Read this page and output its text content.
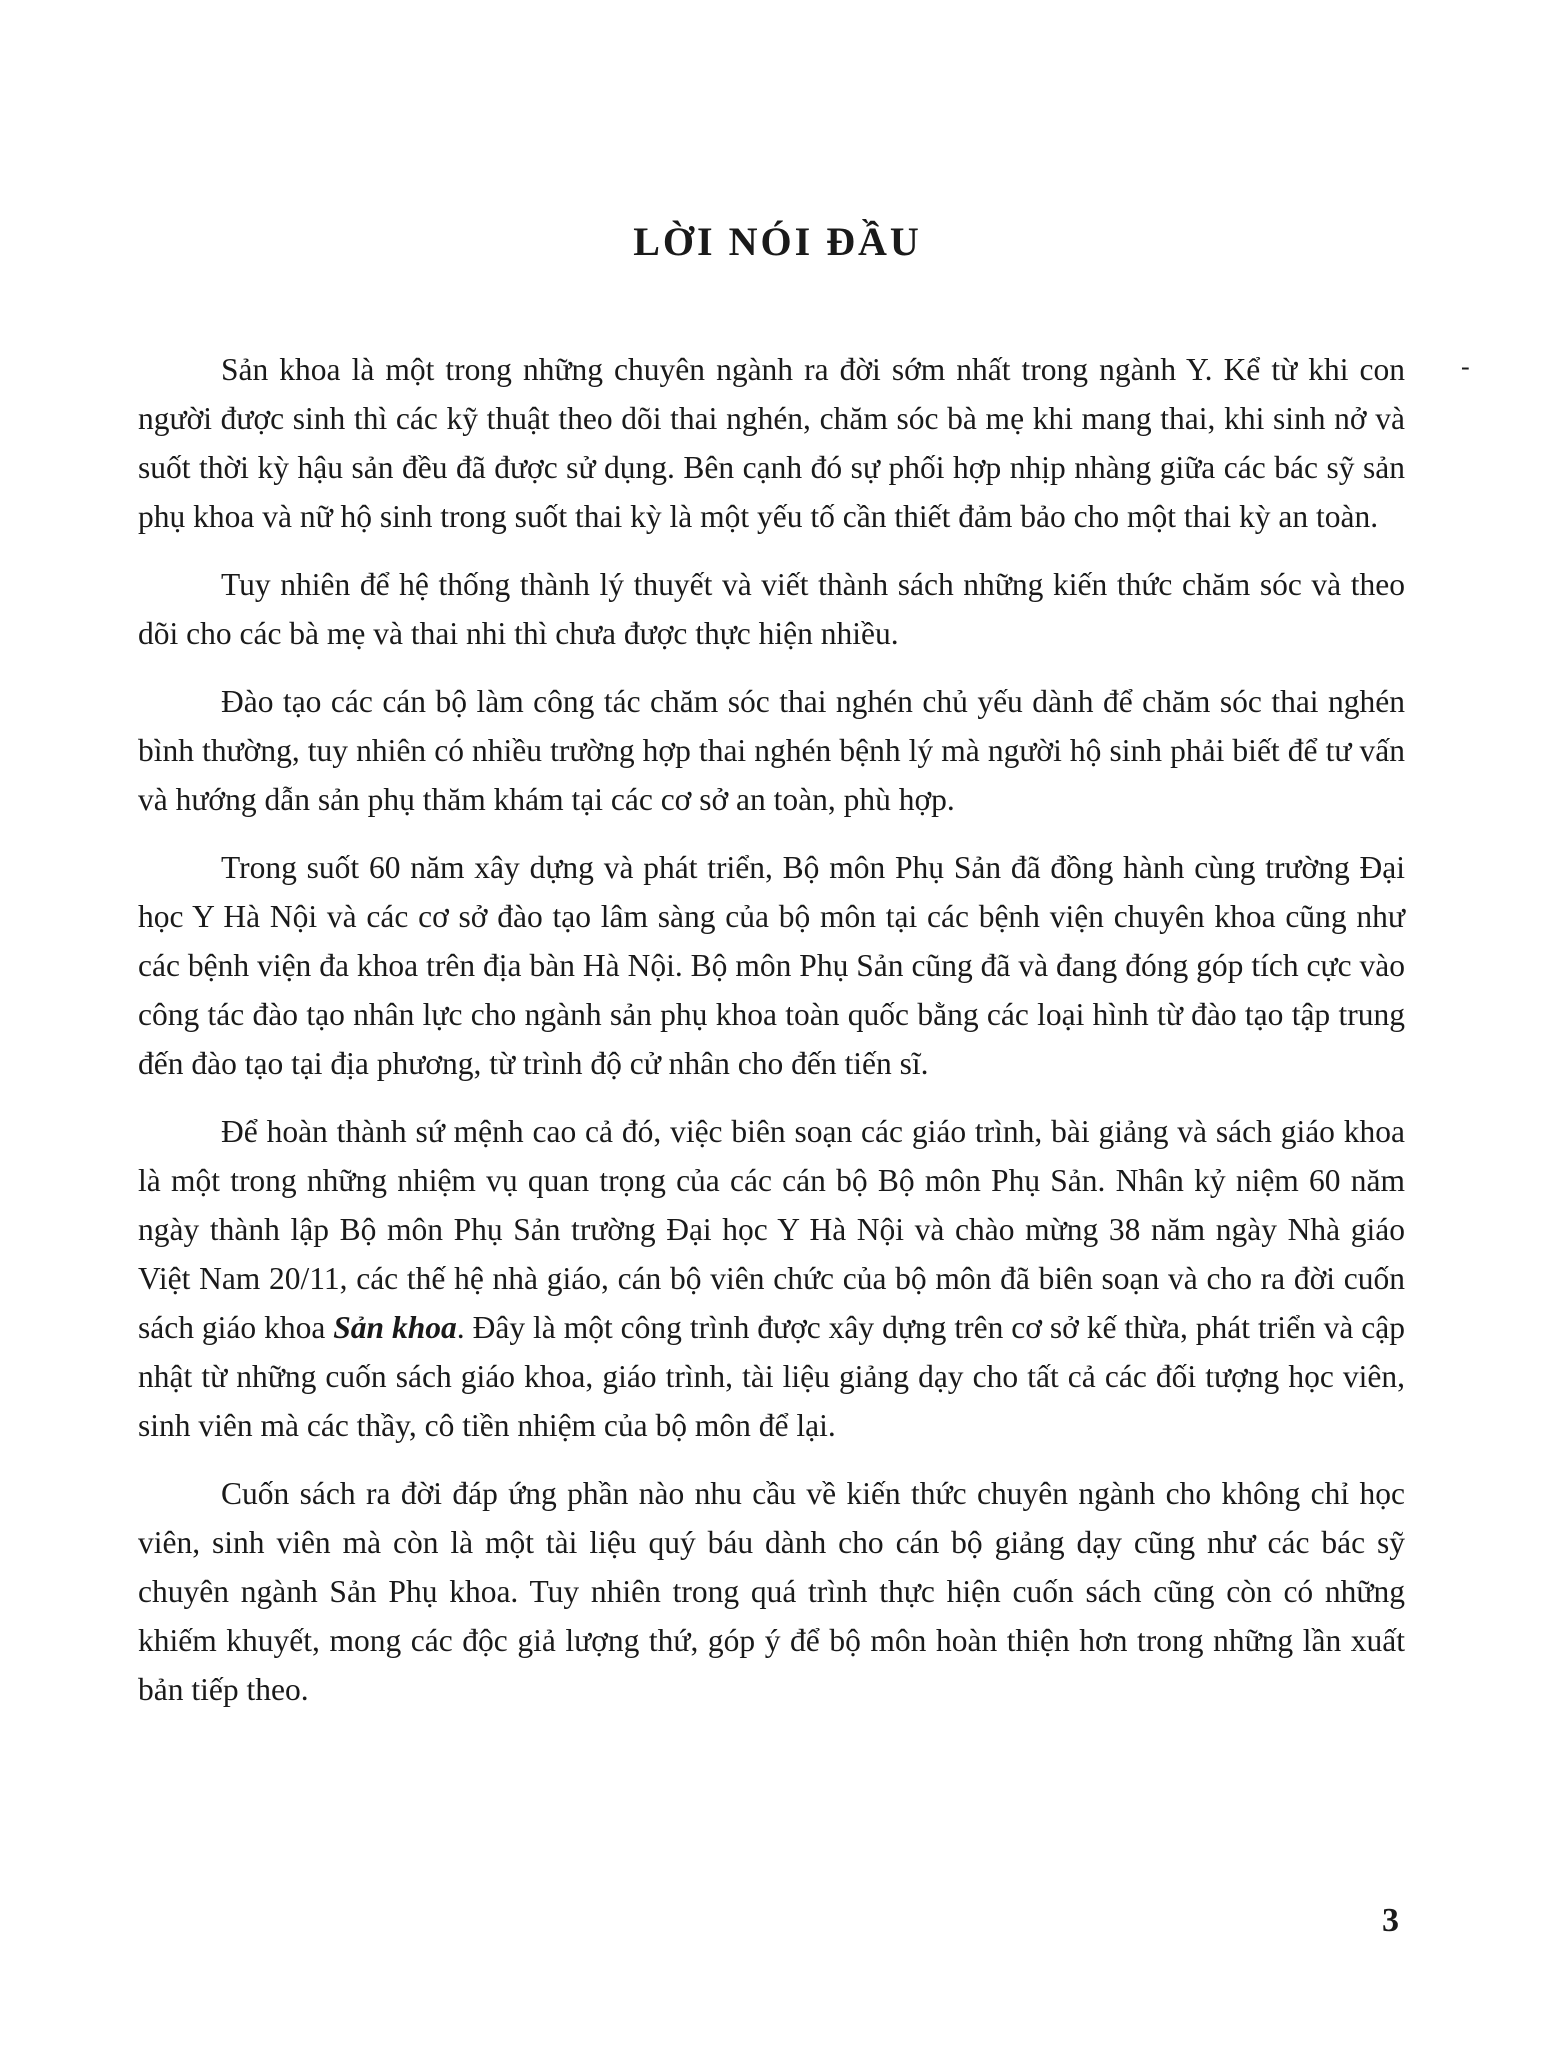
LỜI NÓI ĐẦU
-

Sản khoa là một trong những chuyên ngành ra đời sớm nhất trong ngành Y. Kể từ khi con người được sinh thì các kỹ thuật theo dõi thai nghén, chăm sóc bà mẹ khi mang thai, khi sinh nở và suốt thời kỳ hậu sản đều đã được sử dụng. Bên cạnh đó sự phối hợp nhịp nhàng giữa các bác sỹ sản phụ khoa và nữ hộ sinh trong suốt thai kỳ là một yếu tố cần thiết đảm bảo cho một thai kỳ an toàn.

Tuy nhiên để hệ thống thành lý thuyết và viết thành sách những kiến thức chăm sóc và theo dõi cho các bà mẹ và thai nhi thì chưa được thực hiện nhiều.

Đào tạo các cán bộ làm công tác chăm sóc thai nghén chủ yếu dành để chăm sóc thai nghén bình thường, tuy nhiên có nhiều trường hợp thai nghén bệnh lý mà người hộ sinh phải biết để tư vấn và hướng dẫn sản phụ thăm khám tại các cơ sở an toàn, phù hợp.

Trong suốt 60 năm xây dựng và phát triển, Bộ môn Phụ Sản đã đồng hành cùng trường Đại học Y Hà Nội và các cơ sở đào tạo lâm sàng của bộ môn tại các bệnh viện chuyên khoa cũng như các bệnh viện đa khoa trên địa bàn Hà Nội. Bộ môn Phụ Sản cũng đã và đang đóng góp tích cực vào công tác đào tạo nhân lực cho ngành sản phụ khoa toàn quốc bằng các loại hình từ đào tạo tập trung đến đào tạo tại địa phương, từ trình độ cử nhân cho đến tiến sĩ.

Để hoàn thành sứ mệnh cao cả đó, việc biên soạn các giáo trình, bài giảng và sách giáo khoa là một trong những nhiệm vụ quan trọng của các cán bộ Bộ môn Phụ Sản. Nhân kỷ niệm 60 năm ngày thành lập Bộ môn Phụ Sản trường Đại học Y Hà Nội và chào mừng 38 năm ngày Nhà giáo Việt Nam 20/11, các thế hệ nhà giáo, cán bộ viên chức của bộ môn đã biên soạn và cho ra đời cuốn sách giáo khoa Sản khoa. Đây là một công trình được xây dựng trên cơ sở kế thừa, phát triển và cập nhật từ những cuốn sách giáo khoa, giáo trình, tài liệu giảng dạy cho tất cả các đối tượng học viên, sinh viên mà các thầy, cô tiền nhiệm của bộ môn để lại.

Cuốn sách ra đời đáp ứng phần nào nhu cầu về kiến thức chuyên ngành cho không chỉ học viên, sinh viên mà còn là một tài liệu quý báu dành cho cán bộ giảng dạy cũng như các bác sỹ chuyên ngành Sản Phụ khoa. Tuy nhiên trong quá trình thực hiện cuốn sách cũng còn có những khiếm khuyết, mong các độc giả lượng thứ, góp ý để bộ môn hoàn thiện hơn trong những lần xuất bản tiếp theo.

3
